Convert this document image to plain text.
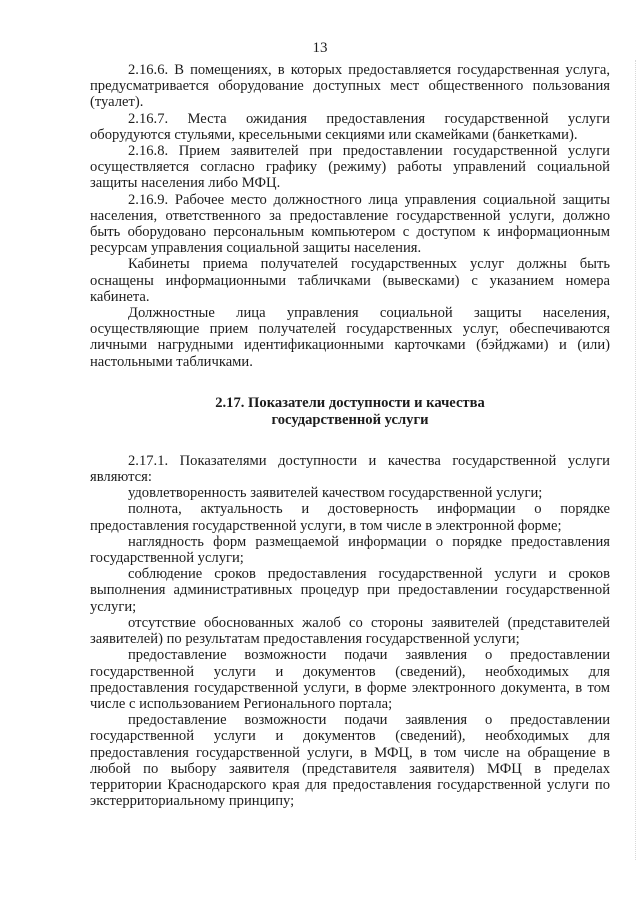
13

2.16.6. В помещениях, в которых предоставляется государственная услуга, предусматривается оборудование доступных мест общественного пользования (туалет).

2.16.7. Места ожидания предоставления государственной услуги оборудуются стульями, кресельными секциями или скамейками (банкетками).

2.16.8. Прием заявителей при предоставлении государственной услуги осуществляется согласно графику (режиму) работы управлений социальной защиты населения либо МФЦ.

2.16.9. Рабочее место должностного лица управления социальной защиты населения, ответственного за предоставление государственной услуги, должно быть оборудовано персональным компьютером с доступом к информационным ресурсам управления социальной защиты населения.

Кабинеты приема получателей государственных услуг должны быть оснащены информационными табличками (вывесками) с указанием номера кабинета.

Должностные лица управления социальной защиты населения, осуществляющие прием получателей государственных услуг, обеспечиваются личными нагрудными идентификационными карточками (бэйджами) и (или) настольными табличками.

2.17. Показатели доступности и качества
государственной услуги

2.17.1. Показателями доступности и качества государственной услуги являются:

удовлетворенность заявителей качеством государственной услуги;

полнота, актуальность и достоверность информации о порядке предоставления государственной услуги, в том числе в электронной форме;

наглядность форм размещаемой информации о порядке предоставления государственной услуги;

соблюдение сроков предоставления государственной услуги и сроков выполнения административных процедур при предоставлении государственной услуги;

отсутствие обоснованных жалоб со стороны заявителей (представителей заявителей) по результатам предоставления государственной услуги;

предоставление возможности подачи заявления о предоставлении государственной услуги и документов (сведений), необходимых для предоставления государственной услуги, в форме электронного документа, в том числе с использованием Регионального портала;

предоставление возможности подачи заявления о предоставлении государственной услуги и документов (сведений), необходимых для предоставления государственной услуги, в МФЦ, в том числе на обращение в любой по выбору заявителя (представителя заявителя) МФЦ в пределах территории Краснодарского края для предоставления государственной услуги по экстерриториальному принципу;
